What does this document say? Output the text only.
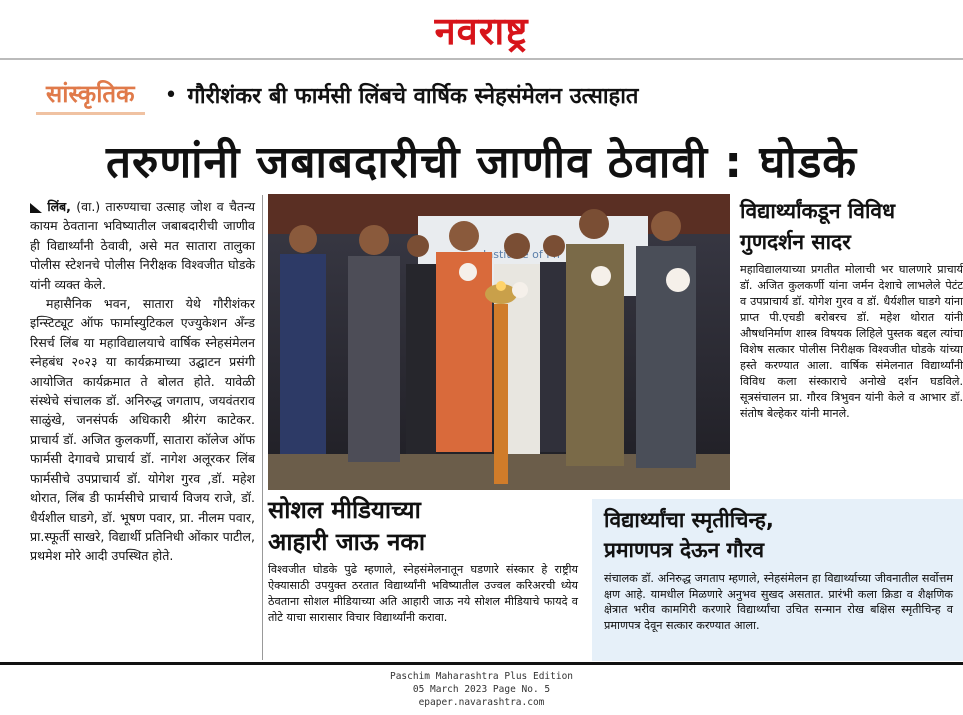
नवराष्ट्र
सांस्कृतिक	• गौरीशंकर बी फार्मसी लिंबचे वार्षिक स्नेहसंमेलन उत्साहात
तरुणांनी जबाबदारीची जाणीव ठेवावी : घोडके

लिंब, (वा.) तारुण्याचा उत्साह जोश व चैतन्य कायम ठेवताना भविष्यातील जबाबदारीची जाणीव ही विद्यार्थ्यांनी ठेवावी, असे मत सातारा तालुका पोलीस स्टेशनचे पोलीस निरीक्षक विश्वजीत घोडके यांनी व्यक्त केले.

महासैनिक भवन, सातारा येथे गौरीशंकर इन्स्टिट्यूट ऑफ फार्मास्युटिकल एज्युकेशन अँन्ड रिसर्च लिंब या महाविद्यालयाचे वार्षिक स्नेहसंमेलन स्नेहबंध २०२३ या कार्यक्रमाच्या उद्घाटन प्रसंगी आयोजित कार्यक्रमात ते बोलत होते. यावेळी संस्थेचे संचालक डॉ. अनिरुद्ध जगताप, जयवंतराव साळुंखे, जनसंपर्क अधिकारी श्रीरंग काटेकर. प्राचार्य डॉ. अजित कुलकर्णी, सातारा कॉलेज ऑफ फार्मसी देगावचे प्राचार्य डॉ. नागेश अलूरकर लिंब फार्मसीचे उपप्राचार्य डॉ. योगेश गुरव ,डॉ. महेश थोरात, लिंब डी फार्मसीचे प्राचार्य विजय राजे, डॉ. धैर्यशील घाडगे, डॉ. भूषण पवार, प्रा. नीलम पवार, प्रा.स्फूर्ती साखरे, विद्यार्थी प्रतिनिधी ओंकार पाटील, प्रथमेश मोरे आदी उपस्थित होते.

Institute of
विद्यार्थ्यांकडून विविध
गुणदर्शन सादर
महाविद्यालयाच्या प्रगतीत मोलाची भर घालणारे प्राचार्य डॉ. अजित कुलकर्णी यांना जर्मन देशाचे लाभलेले पेटंट व उपप्राचार्य डॉ. योगेश गुरव व डॉ. धैर्यशील घाडगे यांना प्राप्त पी.एचडी बरोबरच डॉ. महेश थोरात यांनी औषधनिर्माण शास्त्र विषयक लिहिले पुस्तक बद्दल त्यांचा विशेष सत्कार पोलीस निरीक्षक विश्वजीत घोडके यांच्या हस्ते करण्यात आला. वार्षिक संमेलनात विद्यार्थ्यांनी विविध कला संस्काराचे अनोखे दर्शन घडविले. सूत्रसंचालन प्रा. गौरव त्रिभुवन यांनी केले व आभार डॉ. संतोष बेल्हेकर यांनी मानले.
सोशल मीडियाच्या
आहारी जाऊ नका
विश्वजीत घोडके पुढे म्हणाले, स्नेहसंमेलनातून घडणारे संस्कार हे राष्ट्रीय ऐक्यासाठी उपयुक्त ठरतात विद्यार्थ्यांनी भविष्यातील उज्वल करिअरची ध्येय ठेवताना सोशल मीडियाच्या अति आहारी जाऊ नये सोशल मीडियाचे फायदे व तोटे याचा सारासार विचार विद्यार्थ्यांनी करावा.
विद्यार्थ्यांचा स्मृतीचिन्ह,
प्रमाणपत्र देऊन गौरव
संचालक डॉ. अनिरुद्ध जगताप म्हणाले, स्नेहसंमेलन हा विद्यार्थ्याच्या जीवनातील सर्वोत्तम क्षण आहे. यामधील मिळणारे अनुभव सुखद असतात. प्रारंभी कला क्रिडा व शैक्षणिक क्षेत्रात भरीव कामगिरी करणारे विद्यार्थ्यांचा उचित सन्मान रोख बक्षिस स्मृतीचिन्ह व प्रमाणपत्र देवून सत्कार करण्यात आला.
Paschim Maharashtra Plus Edition
05 March 2023 Page No. 5
epaper.navarashtra.com
